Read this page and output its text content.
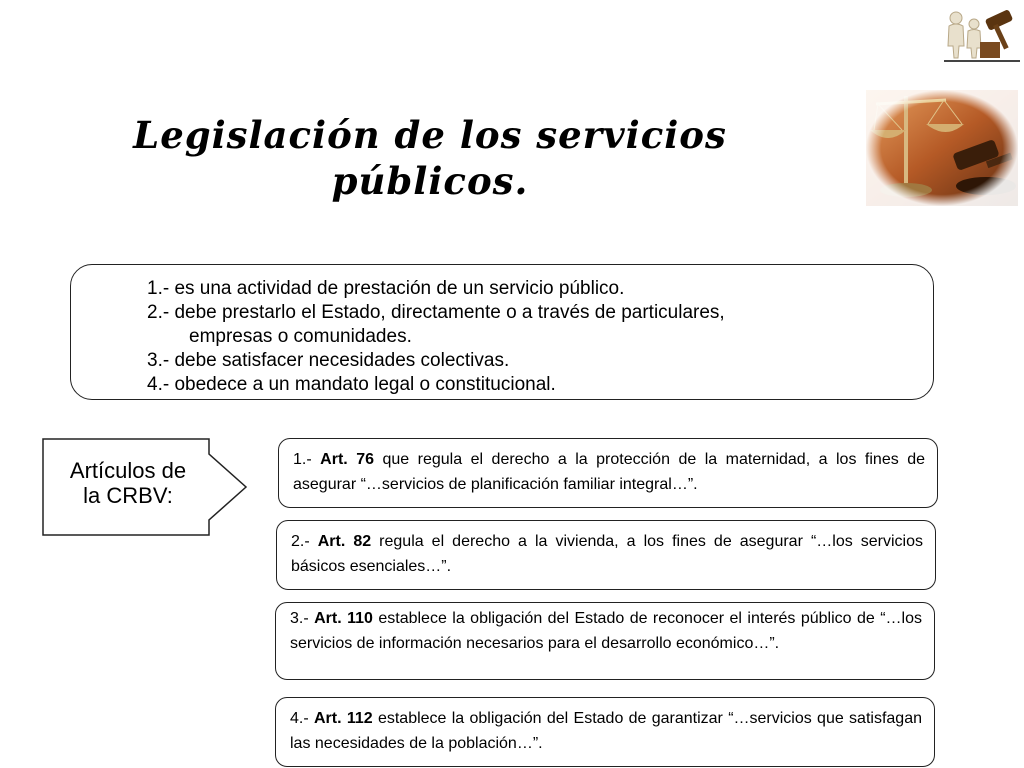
Legislación de los servicios
públicos.
1.- es una actividad de prestación de un servicio público.
2.- debe prestarlo el Estado, directamente o a través de particulares,
empresas o comunidades.
3.- debe satisfacer necesidades colectivas.
4.- obedece a un mandato legal o constitucional.
Artículos de
la CRBV:
1.- Art. 76 que regula el derecho a la protección de la maternidad, a los fines de asegurar “…servicios de planificación familiar integral…”.
2.- Art. 82 regula el derecho a la vivienda, a los fines de asegurar “…los servicios básicos esenciales…”.
3.- Art. 110 establece la obligación del Estado de reconocer el interés público de “…los servicios de información necesarios para el desarrollo económico…”.
4.- Art. 112 establece la obligación del Estado de garantizar “…servicios que satisfagan las necesidades de la población…”.
